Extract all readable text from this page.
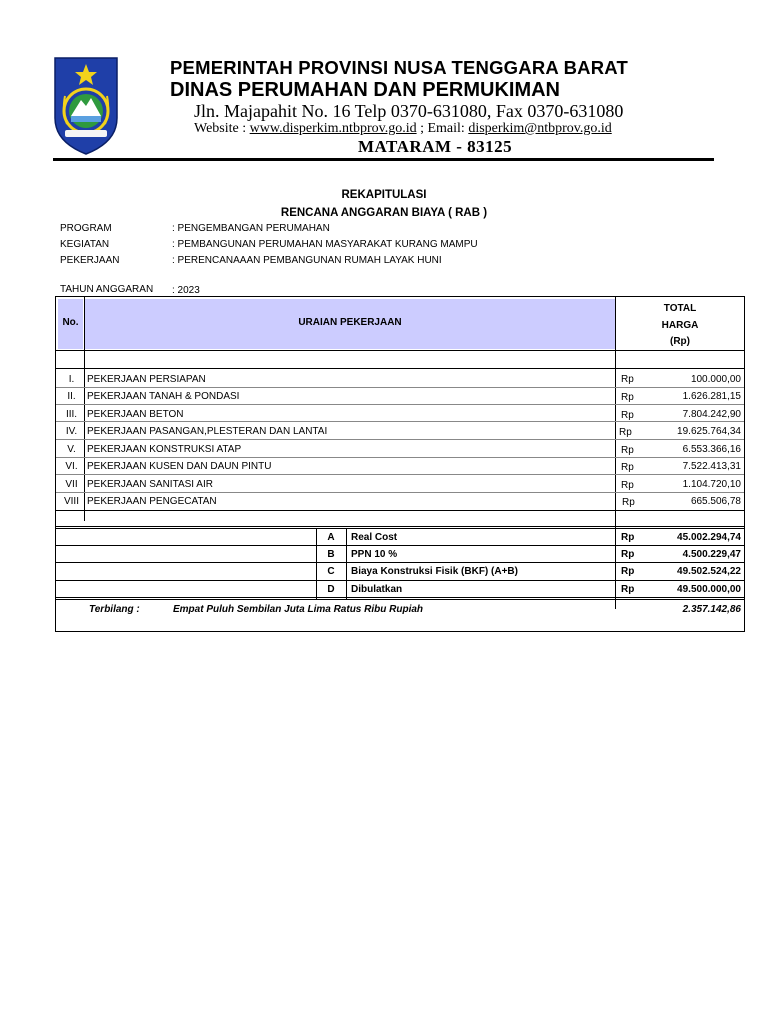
PEMERINTAH PROVINSI NUSA TENGGARA BARAT
DINAS PERUMAHAN DAN PERMUKIMAN
Jln. Majapahit No. 16 Telp 0370-631080, Fax 0370-631080
Website : www.disperkim.ntbprov.go.id ; Email: disperkim@ntbprov.go.id
MATARAM - 83125
REKAPITULASI
RENCANA ANGGARAN BIAYA ( RAB )
PROGRAM	: PENGEMBANGAN PERUMAHAN
KEGIATAN	: PEMBANGUNAN PERUMAHAN MASYARAKAT KURANG MAMPU
PEKERJAAN	: PERENCANAAAN PEMBANGUNAN RUMAH LAYAK HUNI
TAHUN ANGGARAN : 2023
No.	URAIAN PEKERJAAN
TOTAL
HARGA
(Rp)
I.	PEKERJAAN PERSIAPAN	Rp	100.000,00
II.	PEKERJAAN TANAH & PONDASI	Rp	1.626.281,15
III. PEKERJAAN BETON	Rp	7.804.242,90
IV. PEKERJAAN PASANGAN,PLESTERAN DAN LANTAI	Rp	19.625.764,34
V.	PEKERJAAN KONSTRUKSI ATAP	Rp	6.553.366,16
VI. PEKERJAAN KUSEN DAN DAUN PINTU	Rp	7.522.413,31
VII PEKERJAAN SANITASI AIR	Rp	1.104.720,10
VIII PEKERJAAN PENGECATAN	Rp	665.506,78
A	Real Cost	Rp	45.002.294,74
B	PPN 10 %	Rp	4.500.229,47
C	Biaya Konstruksi Fisik (BKF) (A+B)	Rp	49.502.524,22
D	Dibulatkan	Rp	49.500.000,00
Terbilang :	Empat Puluh Sembilan Juta Lima Ratus Ribu Rupiah	2.357.142,86
